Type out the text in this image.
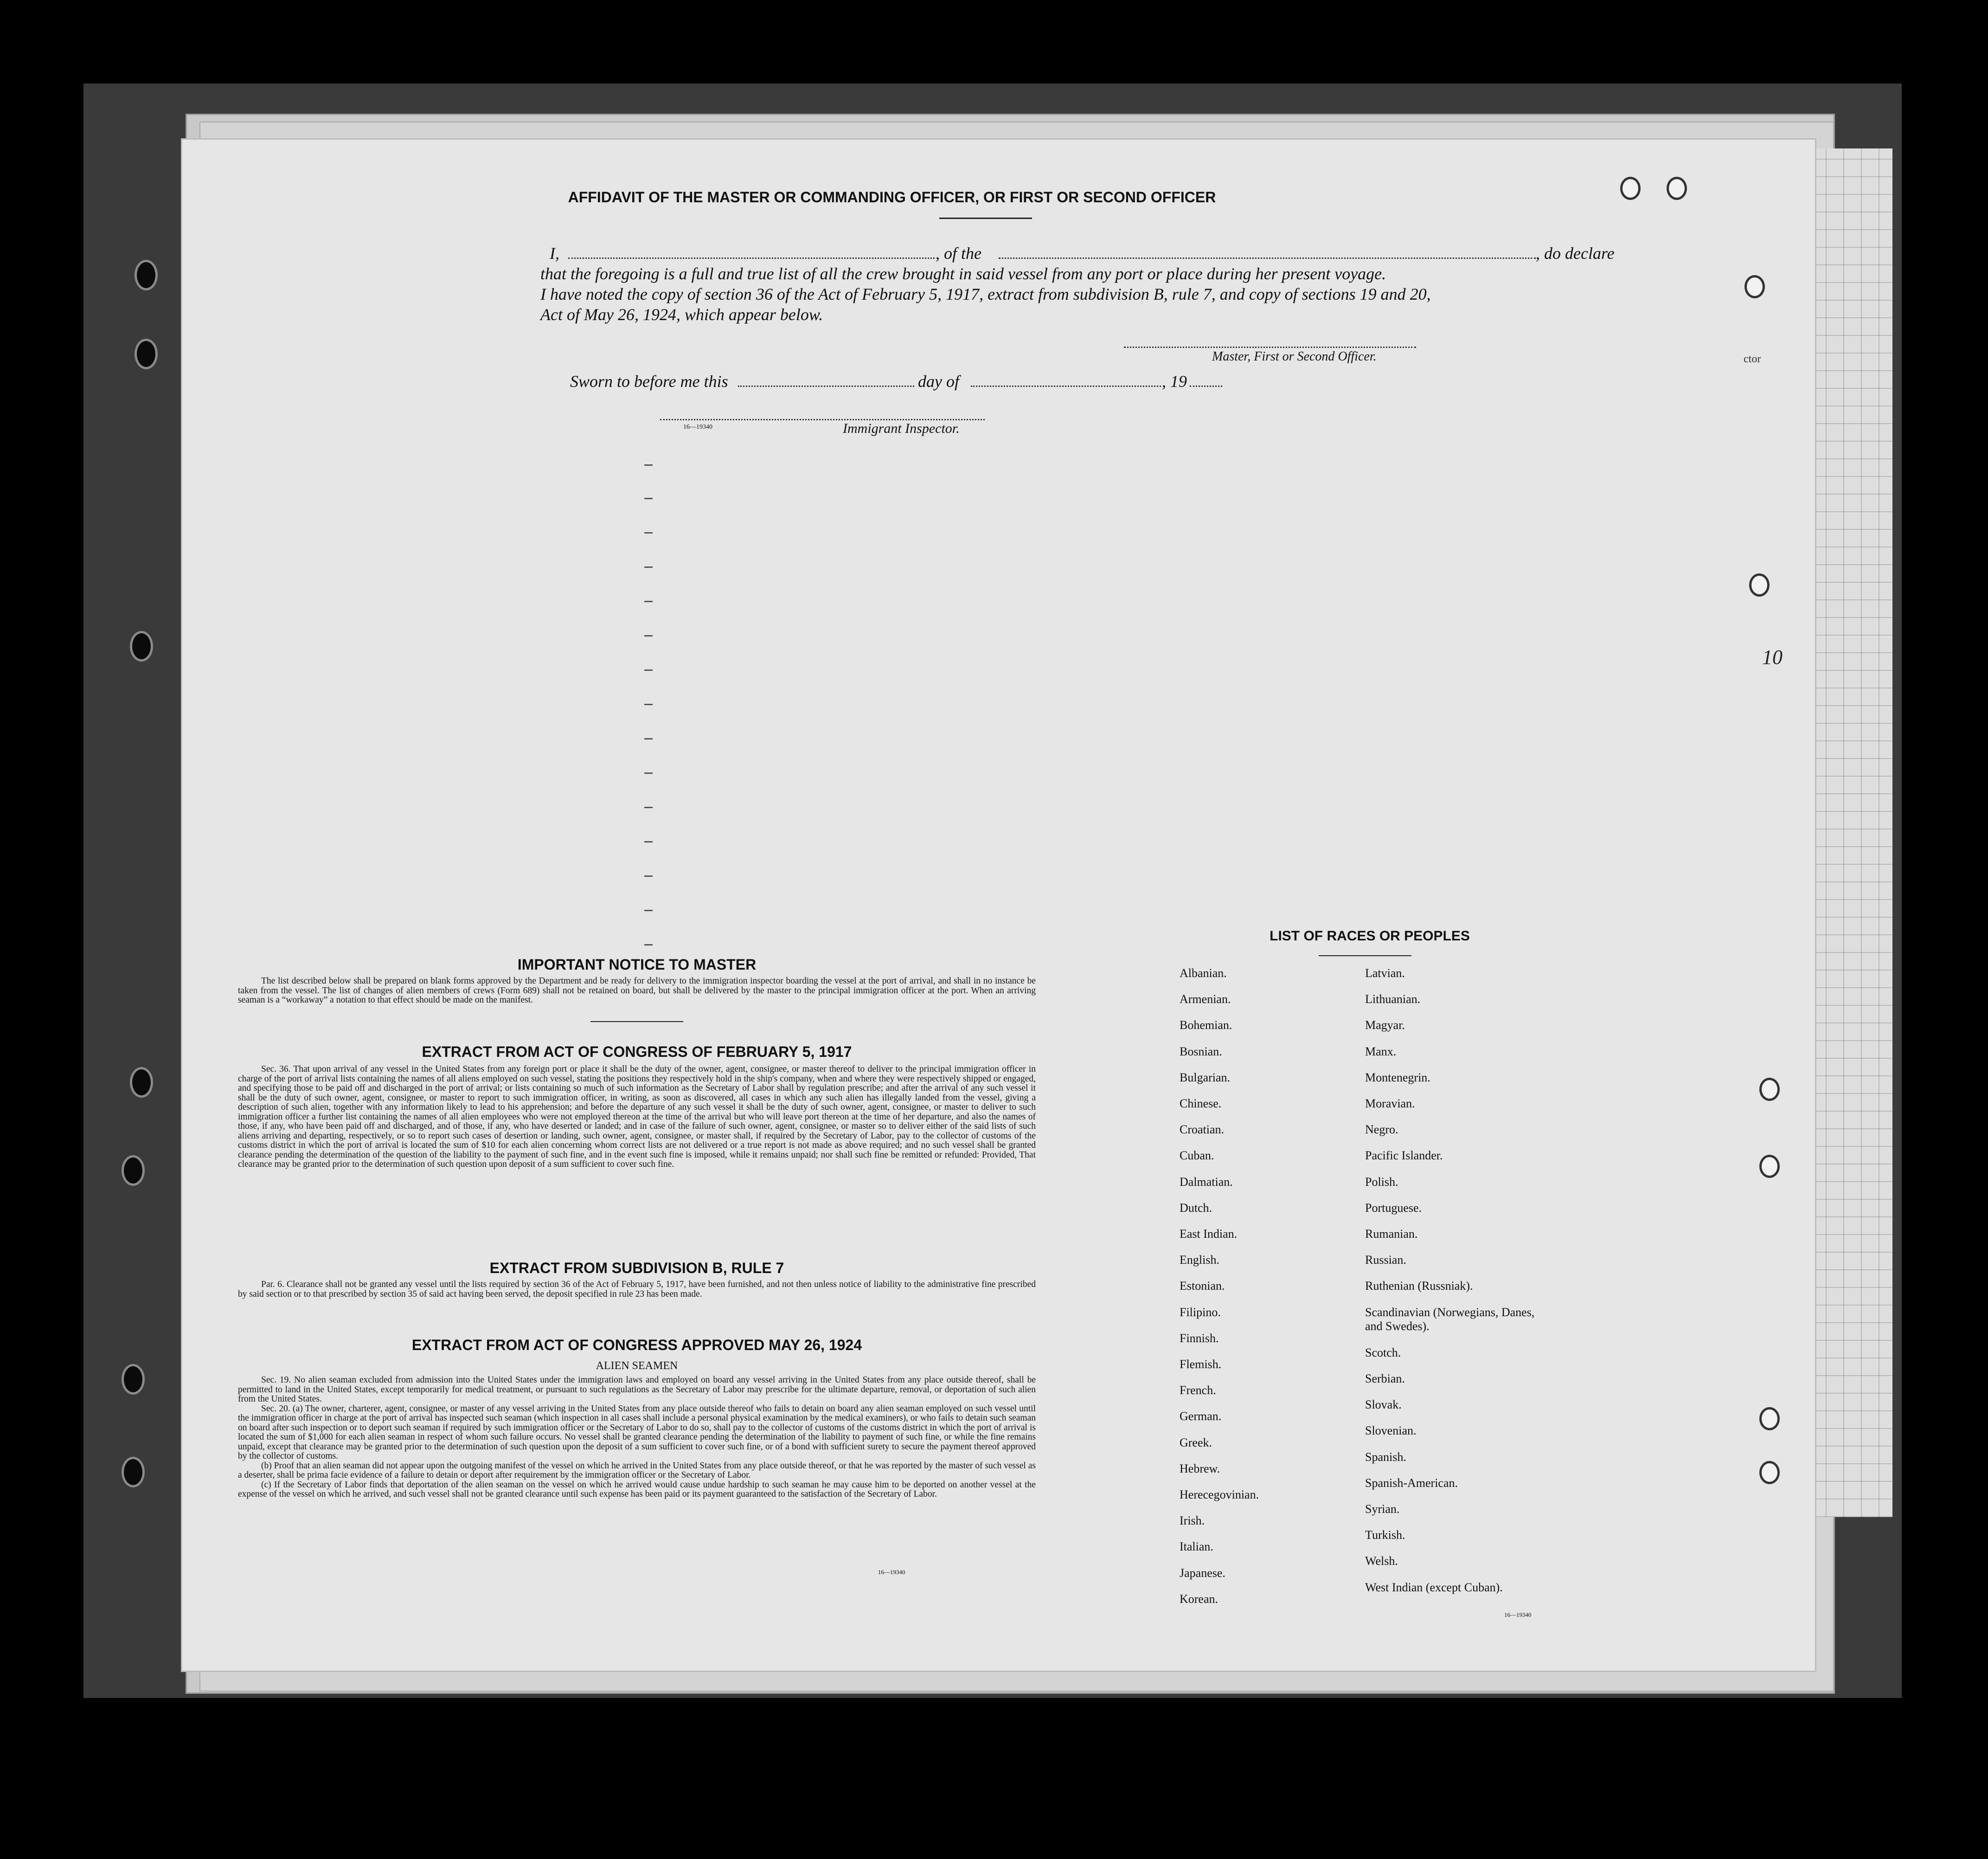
ctor
10
AFFIDAVIT OF THE MASTER OR COMMANDING OFFICER, OR FIRST OR SECOND OFFICER
I,	, of the	, do declare
that the foregoing is a full and true list of all the crew brought in said vessel from any port or place during her present voyage.
I have noted the copy of section 36 of the Act of February 5, 1917, extract from subdivision B, rule 7, and copy of sections 19 and 20,
Act of May 26, 1924, which appear below.
Master, First or Second Officer.
Sworn to before me this	day of	, 19
16—19340	Immigrant Inspector.
IMPORTANT NOTICE TO MASTER

The list described below shall be prepared on blank forms approved by the Department and be ready for delivery to the immigration inspector boarding the vessel at the port of arrival, and shall in no instance be taken from the vessel. The list of changes of alien members of crews (Form 689) shall not be retained on board, but shall be delivered by the master to the principal immigration officer at the port. When an arriving seaman is a “workaway” a notation to that effect should be made on the manifest.

EXTRACT FROM ACT OF CONGRESS OF FEBRUARY 5, 1917

Sec. 36. That upon arrival of any vessel in the United States from any foreign port or place it shall be the duty of the owner, agent, consignee, or master thereof to deliver to the principal immigration officer in charge of the port of arrival lists containing the names of all aliens employed on such vessel, stating the positions they respectively hold in the ship's company, when and where they were respectively shipped or engaged, and specifying those to be paid off and discharged in the port of arrival; or lists containing so much of such information as the Secretary of Labor shall by regulation prescribe; and after the arrival of any such vessel it shall be the duty of such owner, agent, consignee, or master to report to such immigration officer, in writing, as soon as discovered, all cases in which any such alien has illegally landed from the vessel, giving a description of such alien, together with any information likely to lead to his apprehension; and before the departure of any such vessel it shall be the duty of such owner, agent, consignee, or master to deliver to such immigration officer a further list containing the names of all alien employees who were not employed thereon at the time of the arrival but who will leave port thereon at the time of her departure, and also the names of those, if any, who have been paid off and discharged, and of those, if any, who have deserted or landed; and in case of the failure of such owner, agent, consignee, or master so to deliver either of the said lists of such aliens arriving and departing, respectively, or so to report such cases of desertion or landing, such owner, agent, consignee, or master shall, if required by the Secretary of Labor, pay to the collector of customs of the customs district in which the port of arrival is located the sum of $10 for each alien concerning whom correct lists are not delivered or a true report is not made as above required; and no such vessel shall be granted clearance pending the determination of the question of the liability to the payment of such fine, and in the event such fine is imposed, while it remains unpaid; nor shall such fine be remitted or refunded: Provided, That clearance may be granted prior to the determination of such question upon deposit of a sum sufficient to cover such fine.

EXTRACT FROM SUBDIVISION B, RULE 7

Par. 6. Clearance shall not be granted any vessel until the lists required by section 36 of the Act of February 5, 1917, have been furnished, and not then unless notice of liability to the administrative fine prescribed by said section or to that prescribed by section 35 of said act having been served, the deposit specified in rule 23 has been made.

EXTRACT FROM ACT OF CONGRESS APPROVED MAY 26, 1924
ALIEN SEAMEN

Sec. 19. No alien seaman excluded from admission into the United States under the immigration laws and employed on board any vessel arriving in the United States from any place outside thereof, shall be permitted to land in the United States, except temporarily for medical treatment, or pursuant to such regulations as the Secretary of Labor may prescribe for the ultimate departure, removal, or deportation of such alien from the United States.

Sec. 20. (a) The owner, charterer, agent, consignee, or master of any vessel arriving in the United States from any place outside thereof who fails to detain on board any alien seaman employed on such vessel until the immigration officer in charge at the port of arrival has inspected such seaman (which inspection in all cases shall include a personal physical examination by the medical examiners), or who fails to detain such seaman on board after such inspection or to deport such seaman if required by such immigration officer or the Secretary of Labor to do so, shall pay to the collector of customs of the customs district in which the port of arrival is located the sum of $1,000 for each alien seaman in respect of whom such failure occurs. No vessel shall be granted clearance pending the determination of the liability to payment of such fine, or while the fine remains unpaid, except that clearance may be granted prior to the determination of such question upon the deposit of a sum sufficient to cover such fine, or of a bond with sufficient surety to secure the payment thereof approved by the collector of customs.

(b) Proof that an alien seaman did not appear upon the outgoing manifest of the vessel on which he arrived in the United States from any place outside thereof, or that he was reported by the master of such vessel as a deserter, shall be prima facie evidence of a failure to detain or deport after requirement by the immigration officer or the Secretary of Labor.

(c) If the Secretary of Labor finds that deportation of the alien seaman on the vessel on which he arrived would cause undue hardship to such seaman he may cause him to be deported on another vessel at the expense of the vessel on which he arrived, and such vessel shall not be granted clearance until such expense has been paid or its payment guaranteed to the satisfaction of the Secretary of Labor.

16—19340
LIST OF RACES OR PEOPLES
Albanian.
Armenian.
Bohemian.
Bosnian.
Bulgarian.
Chinese.
Croatian.
Cuban.
Dalmatian.
Dutch.
East Indian.
English.
Estonian.
Filipino.
Finnish.
Flemish.
French.
German.
Greek.
Hebrew.
Herecegovinian.
Irish.
Italian.
Japanese.
Korean.
Latvian.
Lithuanian.
Magyar.
Manx.
Montenegrin.
Moravian.
Negro.
Pacific Islander.
Polish.
Portuguese.
Rumanian.
Russian.
Ruthenian (Russniak).
Scandinavian (Norwegians, Danes, and Swedes).
Scotch.
Serbian.
Slovak.
Slovenian.
Spanish.
Spanish-American.
Syrian.
Turkish.
Welsh.
West Indian (except Cuban).
16—19340
